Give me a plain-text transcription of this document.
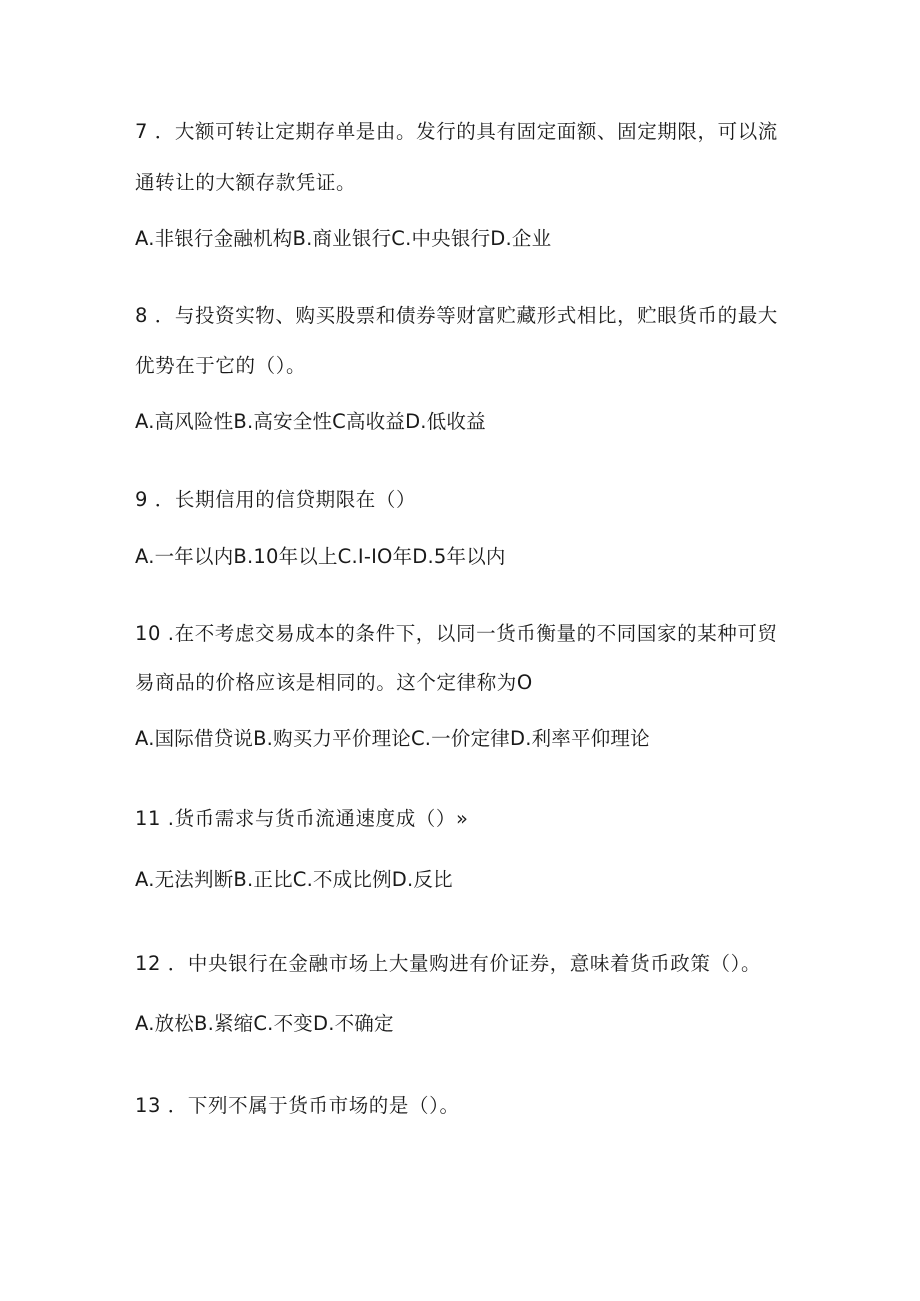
7 ．大额可转让定期存单是由。发行的具有固定面额、固定期限，可以流
通转让的大额存款凭证。
A.非银行金融机构B.商业银行C.中央银行D.企业
8 ．与投资实物、购买股票和债券等财富贮藏形式相比，贮眼货币的最大
优势在于它的（）。
A.高风险性B.高安全性C高收益D.低收益
9 ．长期信用的信贷期限在（）
A.一年以内B.10年以上C.I-IO年D.5年以内
10 .在不考虑交易成本的条件下，以同一货币衡量的不同国家的某种可贸
易商品的价格应该是相同的。这个定律称为O
A.国际借贷说B.购买力平价理论C.一价定律D.利率平仰理论
11 .货币需求与货币流通速度成（）»
A.无法判断B.正比C.不成比例D.反比
12 ．中央银行在金融市场上大量购进有价证券，意味着货币政策（）。
A.放松B.紧缩C.不变D.不确定
13 ．下列不属于货币市场的是（）。
